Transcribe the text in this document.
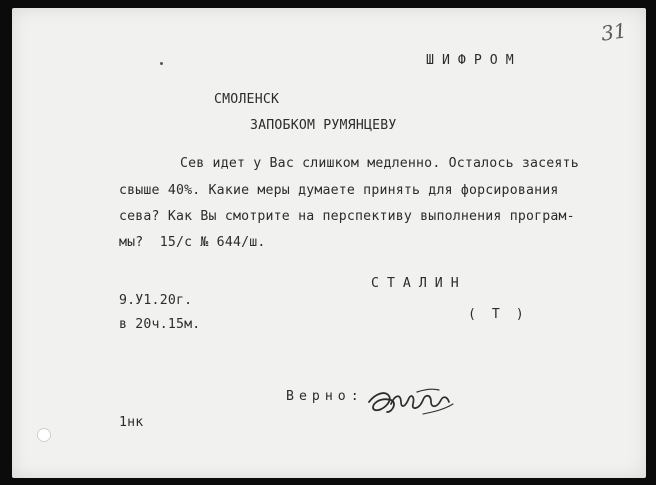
31
ШИФРОМ
СМОЛЕНСК
ЗАПОБКОМ РУМЯНЦЕВУ
Сев идет у Вас слишком медленно. Осталось засеять
свыше 40%. Какие меры думаете принять для форсирования
сева? Как Вы смотрите на перспективу выполнения програм-
мы?  15/с № 644/ш.
СТАЛИН
( Т )
9.У1.20г.
в 20ч.15м.
Верно:
1нк
